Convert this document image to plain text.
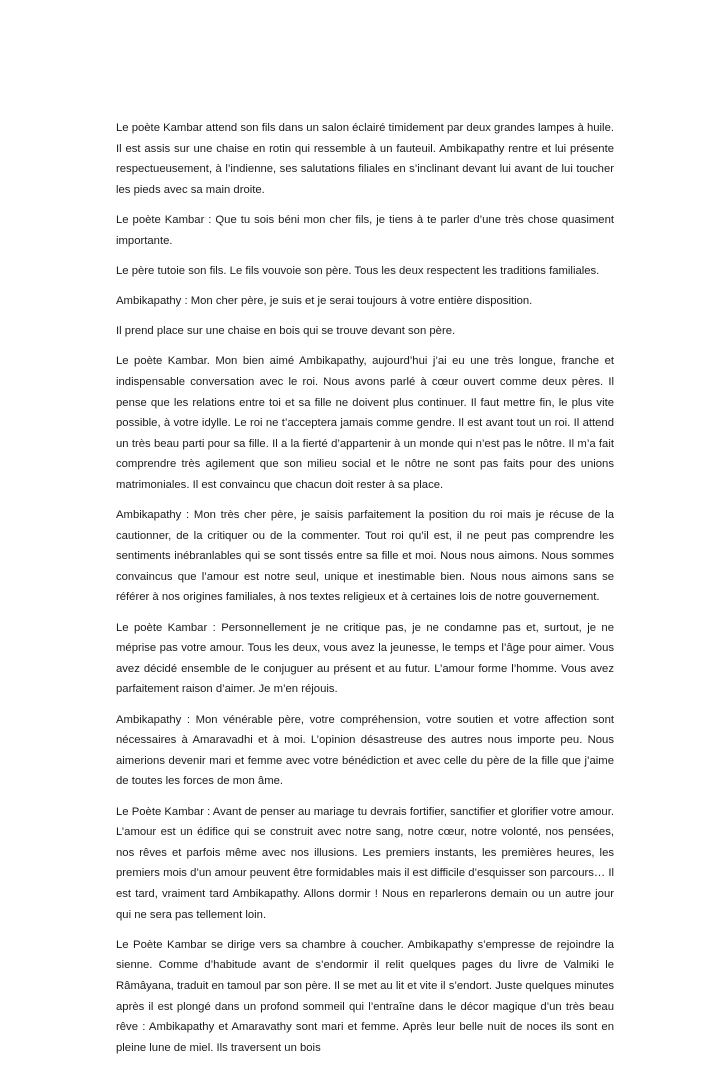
Le poète Kambar attend son fils dans un salon éclairé timidement par deux grandes lampes à huile. Il est assis sur une chaise en rotin qui ressemble à un fauteuil. Ambikapathy rentre et lui présente respectueusement, à l’indienne, ses salutations filiales en s’inclinant devant lui avant de lui toucher les pieds avec sa main droite.

Le poète Kambar : Que tu sois béni mon cher fils, je tiens à te parler d’une très chose quasiment importante.

Le père tutoie son fils. Le fils vouvoie son père. Tous les deux respectent les traditions familiales.

Ambikapathy : Mon cher père, je suis et je serai toujours à votre entière disposition.

Il prend place sur une chaise en bois qui se trouve devant son père.

Le poète Kambar. Mon bien aimé Ambikapathy, aujourd’hui j’ai eu une très longue, franche et indispensable conversation avec le roi. Nous avons parlé à cœur ouvert comme deux pères. Il pense que les relations entre toi et sa fille ne doivent plus continuer. Il faut mettre fin, le plus vite possible, à votre idylle. Le roi ne t’acceptera jamais comme gendre. Il est avant tout un roi. Il attend un très beau parti pour sa fille. Il a la fierté d’appartenir à un monde qui n’est pas le nôtre. Il m’a fait comprendre très agilement que son milieu social et le nôtre ne sont pas faits pour des unions matrimoniales. Il est convaincu que chacun doit rester à sa place.

Ambikapathy : Mon très cher père, je saisis parfaitement la position du roi mais je récuse de la cautionner, de la critiquer ou de la commenter. Tout roi qu’il est, il ne peut pas comprendre les sentiments inébranlables qui se sont tissés entre sa fille et moi. Nous nous aimons. Nous sommes convaincus que l’amour est notre seul, unique et inestimable bien. Nous nous aimons sans se référer à nos origines familiales, à nos textes religieux et à certaines lois de notre gouvernement.

Le poète Kambar : Personnellement je ne critique pas, je ne condamne pas et, surtout, je ne méprise pas votre amour. Tous les deux, vous avez la jeunesse, le temps et l’âge pour aimer. Vous avez décidé ensemble de le conjuguer au présent et au futur. L’amour forme l’homme. Vous avez parfaitement raison d’aimer. Je m’en réjouis.

Ambikapathy : Mon vénérable père, votre compréhension, votre soutien et votre affection sont nécessaires à Amaravadhi et à moi. L’opinion désastreuse des autres nous importe peu. Nous aimerions devenir mari et femme avec votre bénédiction et avec celle du père de la fille que j’aime de toutes les forces de mon âme.

Le Poète Kambar : Avant de penser au mariage tu devrais fortifier, sanctifier et glorifier votre amour. L’amour est un édifice qui se construit avec notre sang, notre cœur, notre volonté, nos pensées, nos rêves et parfois même avec nos illusions. Les premiers instants, les premières heures, les premiers mois d’un amour peuvent être formidables mais il est difficile d’esquisser son parcours… Il est tard, vraiment tard Ambikapathy. Allons dormir ! Nous en reparlerons demain ou un autre jour qui ne sera pas tellement loin.

Le Poète Kambar se dirige vers sa chambre à coucher. Ambikapathy s’empresse de rejoindre la sienne. Comme d’habitude avant de s’endormir il relit quelques pages du livre de Valmiki le Râmâyana, traduit en tamoul par son père. Il se met au lit et vite il s’endort. Juste quelques minutes après il est plongé dans un profond sommeil qui l’entraîne dans le décor magique d’un très beau rêve : Ambikapathy et Amaravathy sont mari et femme. Après leur belle nuit de noces ils sont en pleine lune de miel. Ils traversent un bois
